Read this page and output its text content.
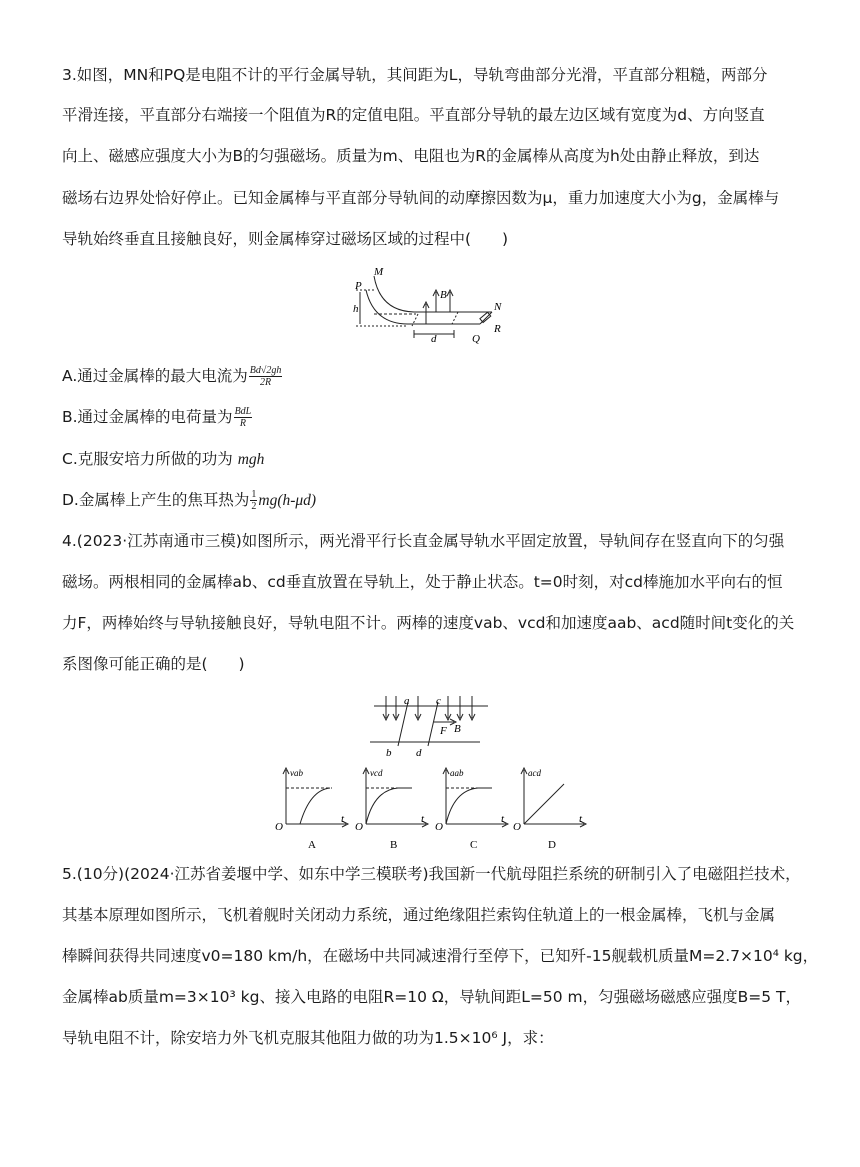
3.如图，MN和PQ是电阻不计的平行金属导轨，其间距为L，导轨弯曲部分光滑，平直部分粗糙，两部分
平滑连接，平直部分右端接一个阻值为R的定值电阻。平直部分导轨的最左边区域有宽度为d、方向竖直
向上、磁感应强度大小为B的匀强磁场。质量为m、电阻也为R的金属棒从高度为h处由静止释放，到达
磁场右边界处恰好停止。已知金属棒与平直部分导轨间的动摩擦因数为μ，重力加速度大小为g，金属棒与
导轨始终垂直且接触良好，则金属棒穿过磁场区域的过程中(　　)
M
P
h
B
N
R
Q
d
A.通过金属棒的最大电流为 $\frac{Bd√2gh}{2R}$
B.通过金属棒的电荷量为 $\frac{\text{BdL}}{R}$
C.克服安培力所做的功为 mgh
D.金属棒上产生的焦耳热为 $\frac{1}{2} mg(h-\mu d)$
4.(2023·江苏南通市三模)如图所示，两光滑平行长直金属导轨水平固定放置，导轨间存在竖直向下的匀强
磁场。两根相同的金属棒ab、cd垂直放置在导轨上，处于静止状态。t=0时刻，对cd棒施加水平向右的恒
力F，两棒始终与导轨接触良好，导轨电阻不计。两棒的速度vab、vcd和加速度aab、acd随时间t变化的关
系图像可能正确的是(　　)
a c
b d
F B
vab	vcd	aab	acd
O	O	O	O
t	t	t	t
A	B	C	D
5.(10分)(2024·江苏省姜堰中学、如东中学三模联考)我国新一代航母阻拦系统的研制引入了电磁阻拦技术，
其基本原理如图所示，飞机着舰时关闭动力系统，通过绝缘阻拦索钩住轨道上的一根金属棒，飞机与金属
棒瞬间获得共同速度v0=180 km/h，在磁场中共同减速滑行至停下，已知歼-15舰载机质量M=2.7×10⁴ kg，
金属棒ab质量m=3×10³ kg、接入电路的电阻R=10 Ω，导轨间距L=50 m，匀强磁场磁感应强度B=5 T，
导轨电阻不计，除安培力外飞机克服其他阻力做的功为1.5×10⁶ J，求：
